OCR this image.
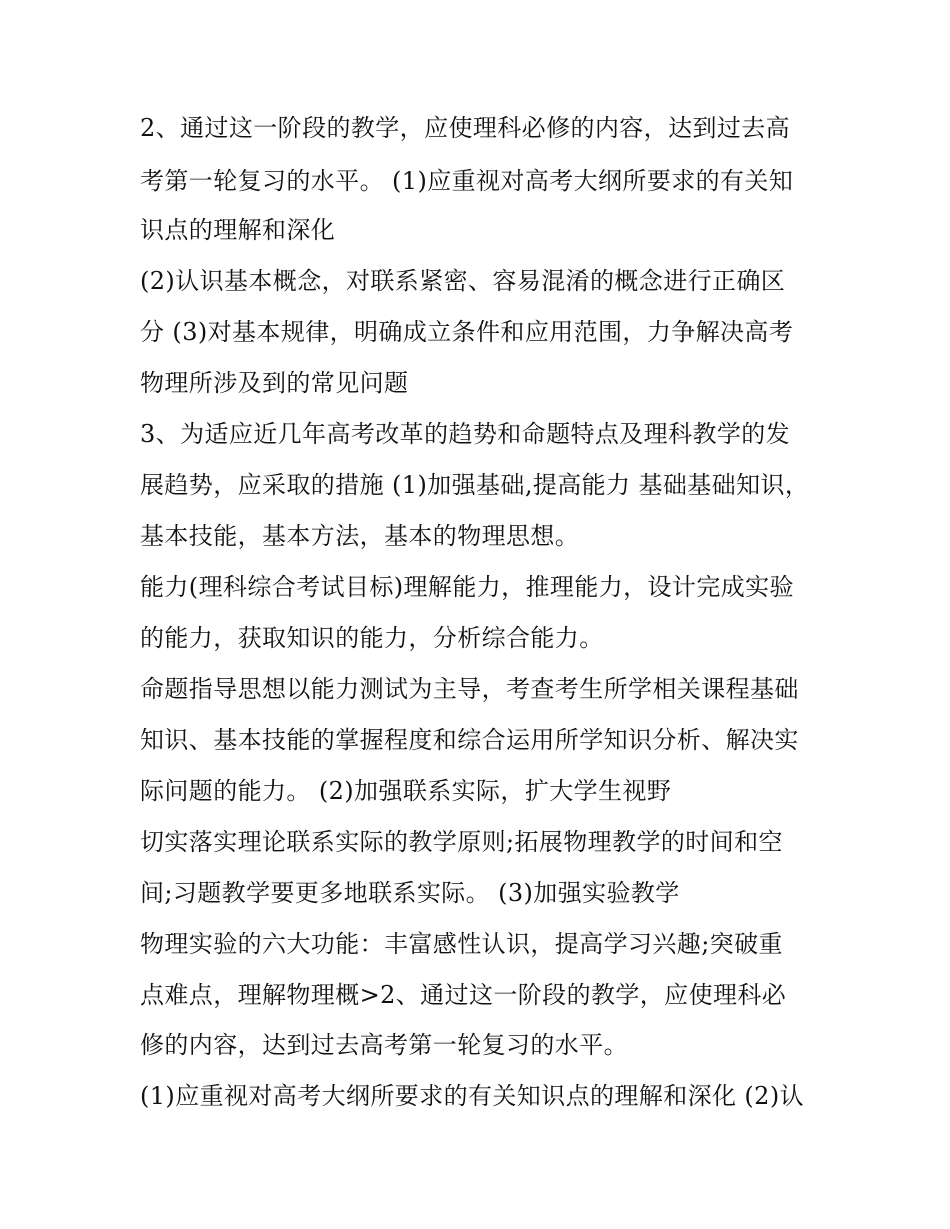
2、通过这一阶段的教学，应使理科必修的内容，达到过去高

考第一轮复习的水平。 (1)应重视对高考大纲所要求的有关知

识点的理解和深化

(2)认识基本概念，对联系紧密、容易混淆的概念进行正确区

分 (3)对基本规律，明确成立条件和应用范围，力争解决高考

物理所涉及到的常见问题

3、为适应近几年高考改革的趋势和命题特点及理科教学的发

展趋势，应采取的措施 (1)加强基础,提高能力 基础基础知识，

基本技能，基本方法，基本的物理思想。

能力(理科综合考试目标)理解能力，推理能力，设计完成实验

的能力，获取知识的能力，分析综合能力。

命题指导思想以能力测试为主导，考查考生所学相关课程基础

知识、基本技能的掌握程度和综合运用所学知识分析、解决实

际问题的能力。 (2)加强联系实际，扩大学生视野

切实落实理论联系实际的教学原则;拓展物理教学的时间和空

间;习题教学要更多地联系实际。 (3)加强实验教学

物理实验的六大功能：丰富感性认识，提高学习兴趣;突破重

点难点，理解物理概>2、通过这一阶段的教学，应使理科必

修的内容，达到过去高考第一轮复习的水平。

(1)应重视对高考大纲所要求的有关知识点的理解和深化 (2)认
